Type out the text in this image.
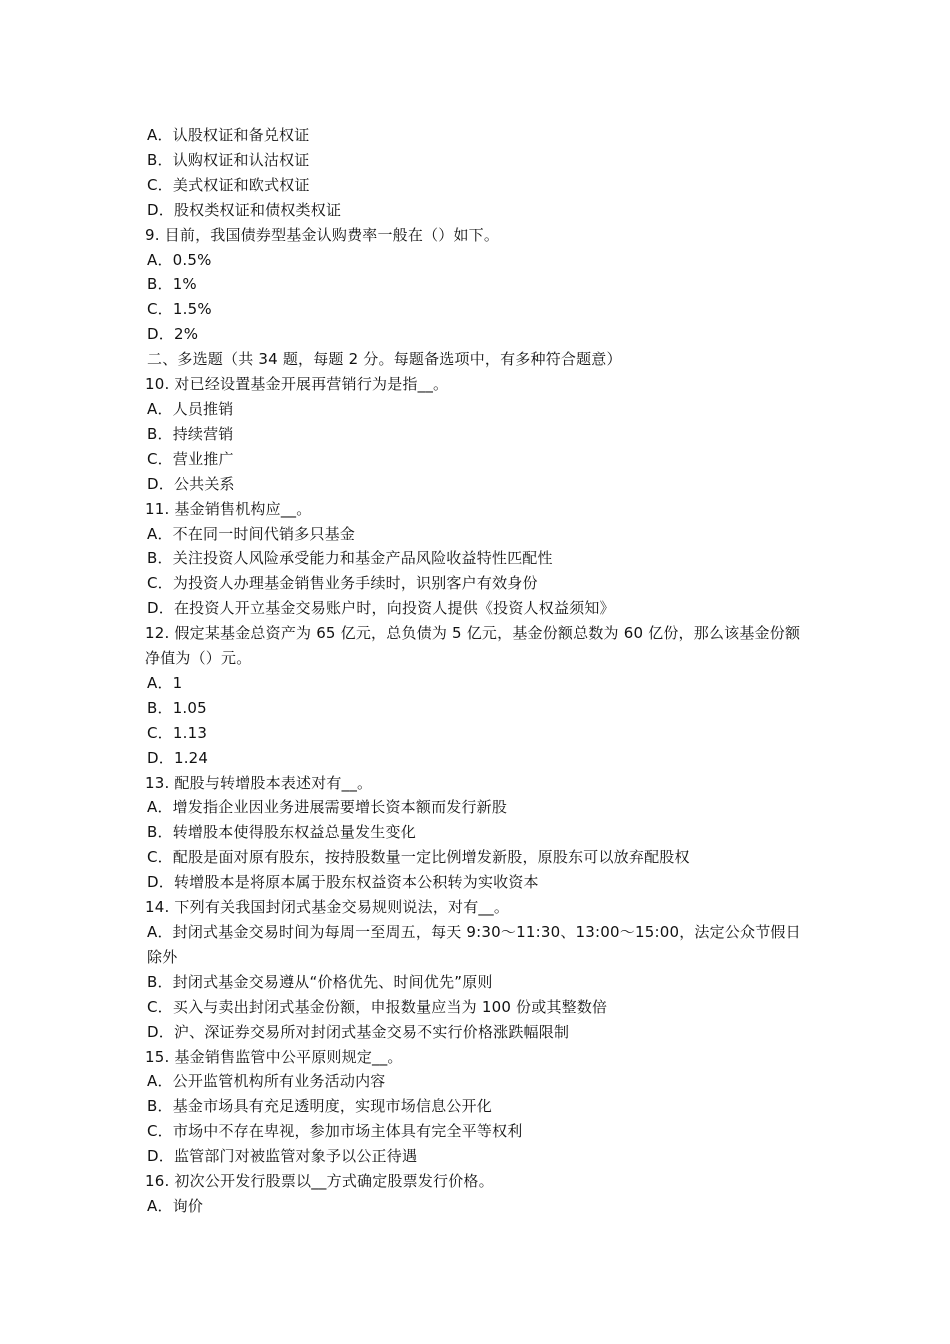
A．认股权证和备兑权证
B．认购权证和认沽权证
C．美式权证和欧式权证
D．股权类权证和债权类权证
9. 目前，我国债券型基金认购费率一般在（）如下。
A．0.5%
B．1%
C．1.5%
D．2%
二、多选题（共 34 题，每题 2 分。每题备选项中，有多种符合题意）
10. 对已经设置基金开展再营销行为是指__。
A．人员推销
B．持续营销
C．营业推广
D．公共关系
11. 基金销售机构应__。
A．不在同一时间代销多只基金
B．关注投资人风险承受能力和基金产品风险收益特性匹配性
C．为投资人办理基金销售业务手续时，识别客户有效身份
D．在投资人开立基金交易账户时，向投资人提供《投资人权益须知》
12. 假定某基金总资产为 65 亿元，总负债为 5 亿元，基金份额总数为 60 亿份，那么该基金份额净值为（）元。
A．1
B．1.05
C．1.13
D．1.24
13. 配股与转增股本表述对有__。
A．增发指企业因业务进展需要增长资本额而发行新股
B．转增股本使得股东权益总量发生变化
C．配股是面对原有股东，按持股数量一定比例增发新股，原股东可以放弃配股权
D．转增股本是将原本属于股东权益资本公积转为实收资本
14. 下列有关我国封闭式基金交易规则说法，对有__。
A．封闭式基金交易时间为每周一至周五，每天 9:30～11:30、13:00～15:00，法定公众节假日除外
B．封闭式基金交易遵从“价格优先、时间优先”原则
C．买入与卖出封闭式基金份额，申报数量应当为 100 份或其整数倍
D．沪、深证券交易所对封闭式基金交易不实行价格涨跌幅限制
15. 基金销售监管中公平原则规定__。
A．公开监管机构所有业务活动内容
B．基金市场具有充足透明度，实现市场信息公开化
C．市场中不存在卑视，参加市场主体具有完全平等权利
D．监管部门对被监管对象予以公正待遇
16. 初次公开发行股票以__方式确定股票发行价格。
A．询价
